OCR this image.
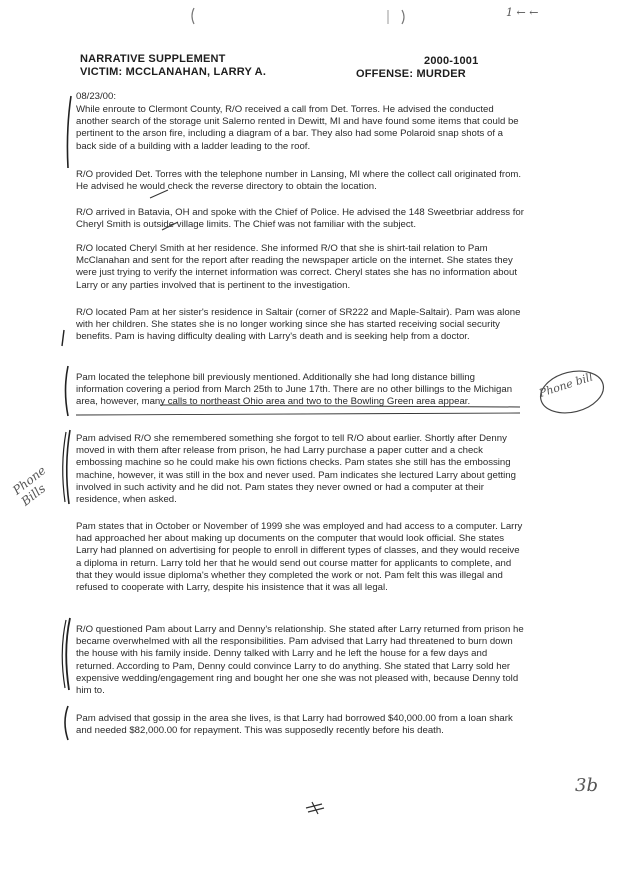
1 ← ←
NARRATIVE SUPPLEMENT
VICTIM: MCCLANAHAN, LARRY A.
2000-1001
OFFENSE: MURDER
08/23/00:
While enroute to Clermont County, R/O received a call from Det. Torres. He advised the conducted another search of the storage unit Salerno rented in Dewitt, MI and have found some items that could be pertinent to the arson fire, including a diagram of a bar. They also had some Polaroid snap shots of a back side of a building with a ladder leading to the roof.
R/O provided Det. Torres with the telephone number in Lansing, MI where the collect call originated from. He advised he would check the reverse directory to obtain the location.
R/O arrived in Batavia, OH and spoke with the Chief of Police. He advised the 148 Sweetbriar address for Cheryl Smith is outside village limits. The Chief was not familiar with the subject.
R/O located Cheryl Smith at her residence. She informed R/O that she is shirt-tail relation to Pam McClanahan and sent for the report after reading the newspaper article on the internet. She states they were just trying to verify the internet information was correct. Cheryl states she has no information about Larry or any parties involved that is pertinent to the investigation.
R/O located Pam at her sister's residence in Saltair (corner of SR222 and Maple-Saltair). Pam was alone with her children. She states she is no longer working since she has started receiving social security benefits. Pam is having difficulty dealing with Larry's death and is seeking help from a doctor.
Pam located the telephone bill previously mentioned. Additionally she had long distance billing information covering a period from March 25th to June 17th. There are no other billings to the Michigan area, however, many calls to northeast Ohio area and two to the Bowling Green area appear.
Pam advised R/O she remembered something she forgot to tell R/O about earlier. Shortly after Denny moved in with them after release from prison, he had Larry purchase a paper cutter and a check embossing machine so he could make his own fictions checks. Pam states she still has the embossing machine, however, it was still in the box and never used. Pam indicates she lectured Larry about getting involved in such activity and he did not. Pam states they never owned or had a computer at their residence, when asked.
Pam states that in October or November of 1999 she was employed and had access to a computer. Larry had approached her about making up documents on the computer that would look official. She states Larry had planned on advertising for people to enroll in different types of classes, and they would receive a diploma in return. Larry told her that he would send out course matter for applicants to complete, and that they would issue diploma's whether they completed the work or not. Pam felt this was illegal and refused to cooperate with Larry, despite his insistence that it was all legal.
R/O questioned Pam about Larry and Denny's relationship. She stated after Larry returned from prison he became overwhelmed with all the responsibilities. Pam advised that Larry had threatened to burn down the house with his family inside. Denny talked with Larry and he left the house for a few days and returned. According to Pam, Denny could convince Larry to do anything. She stated that Larry sold her expensive wedding/engagement ring and bought her one she was not pleased with, because Denny told him to.
Pam advised that gossip in the area she lives, is that Larry had borrowed $40,000.00 from a loan shark and needed $82,000.00 for repayment. This was supposedly recently before his death.
Phone bill
Phone Bills
3b
